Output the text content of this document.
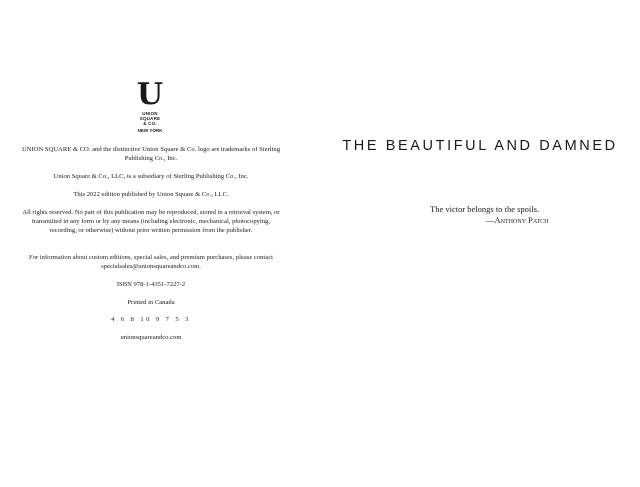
U
UNION
SQUARE
& CO.
NEW YORK

UNION SQUARE & CO. and the distinctive Union Square & Co. logo are trademarks of Sterling Publishing Co., Inc.

Union Square & Co., LLC, is a subsidiary of Sterling Publishing Co., Inc.

This 2022 edition published by Union Square & Co., LLC.

All rights reserved. No part of this publication may be reproduced, stored in a retrieval system, or transmitted in any form or by any means (including electronic, mechanical, photocopying, recording, or otherwise) without prior written permission from the publisher.

For information about custom editions, special sales, and premium purchases, please contact specialsales@unionsquareandco.com.

ISBN 978-1-4351-7227-2

Printed in Canada

4 6 8 10 9 7 5 3

unionsquareandco.com

THE BEAUTIFUL AND DAMNED

The victor belongs to the spoils.

—Anthony Patch
